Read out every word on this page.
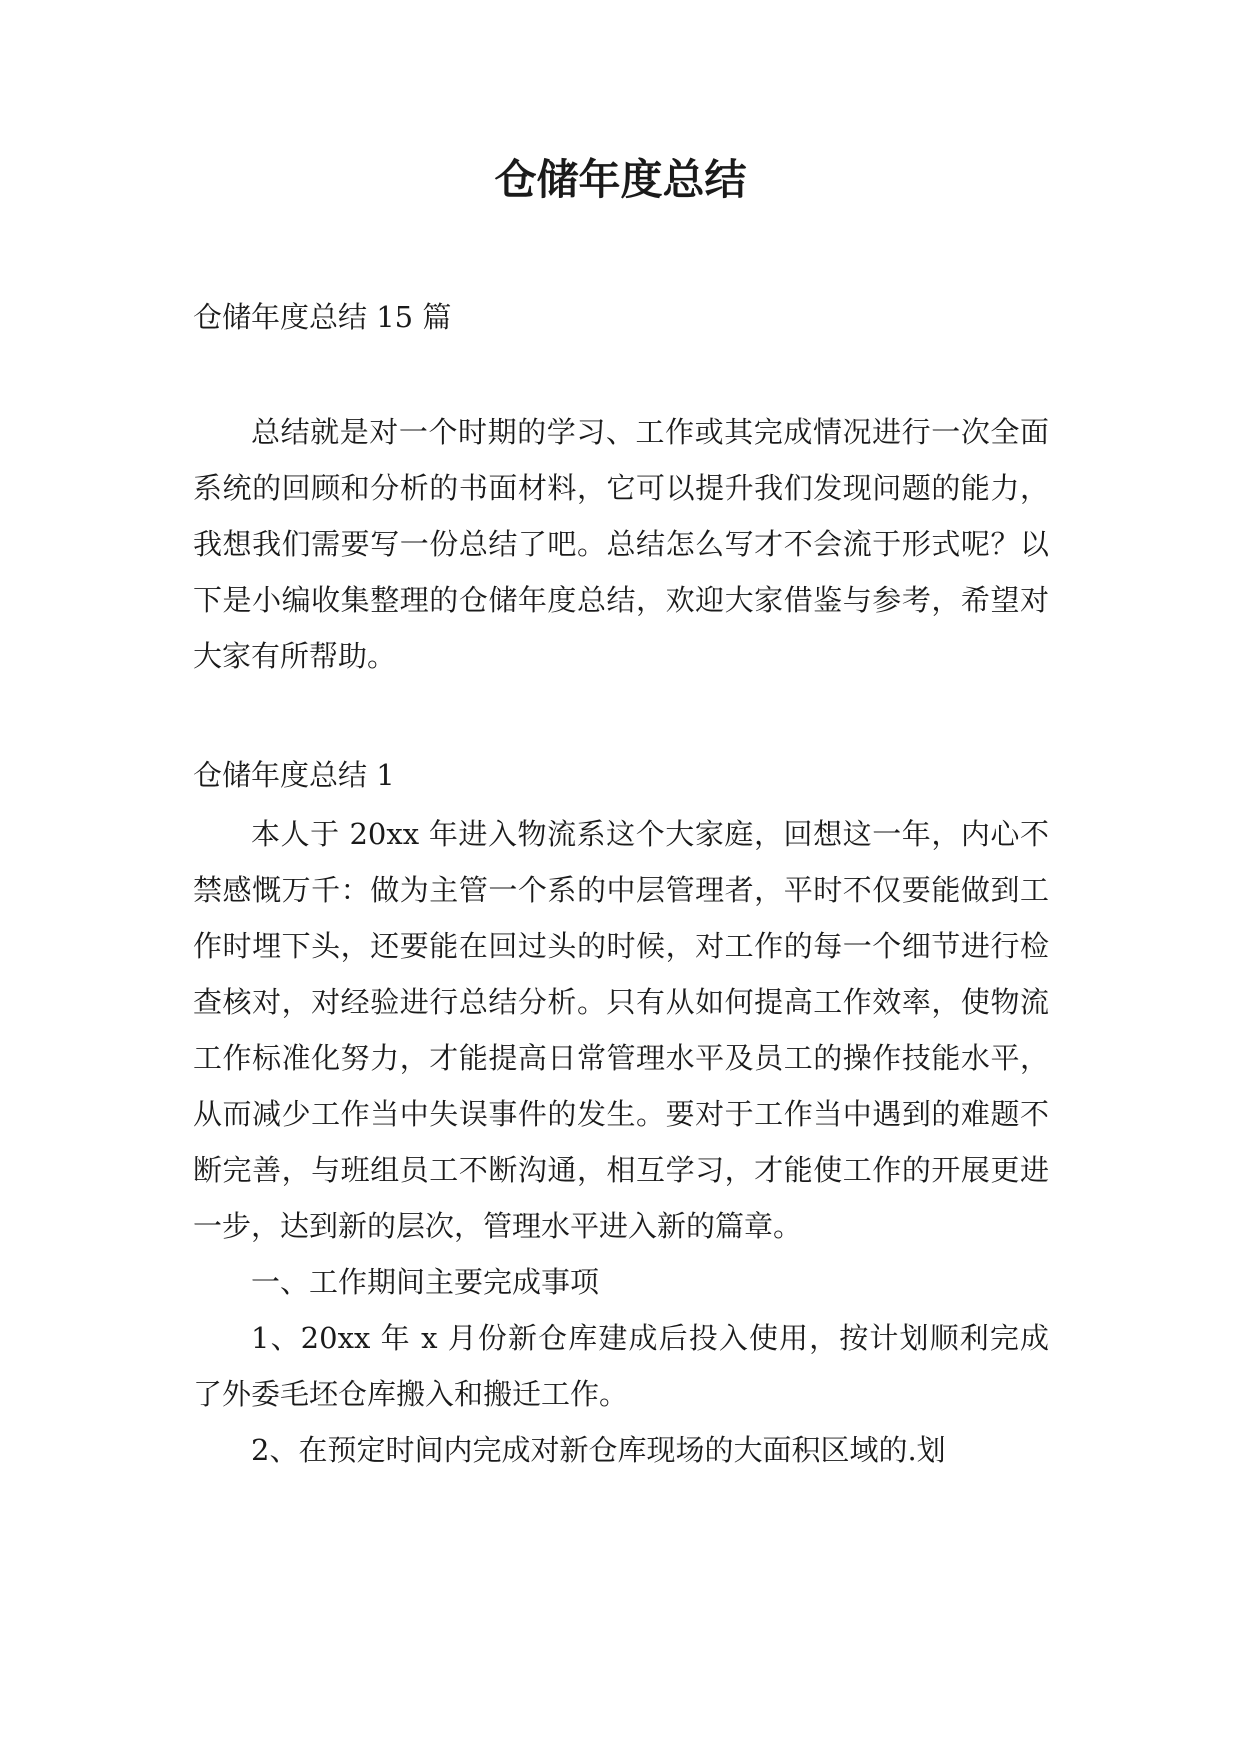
仓储年度总结
仓储年度总结 15 篇

总结就是对一个时期的学习、工作或其完成情况进行一次全面系统的回顾和分析的书面材料，它可以提升我们发现问题的能力，我想我们需要写一份总结了吧。总结怎么写才不会流于形式呢？以下是小编收集整理的仓储年度总结，欢迎大家借鉴与参考，希望对大家有所帮助。

仓储年度总结 1

本人于 20xx 年进入物流系这个大家庭，回想这一年，内心不禁感慨万千：做为主管一个系的中层管理者，平时不仅要能做到工作时埋下头，还要能在回过头的时候，对工作的每一个细节进行检查核对，对经验进行总结分析。只有从如何提高工作效率，使物流工作标准化努力，才能提高日常管理水平及员工的操作技能水平，从而减少工作当中失误事件的发生。要对于工作当中遇到的难题不断完善，与班组员工不断沟通，相互学习，才能使工作的开展更进一步，达到新的层次，管理水平进入新的篇章。

一、工作期间主要完成事项

1、20xx 年 x 月份新仓库建成后投入使用，按计划顺利完成了外委毛坯仓库搬入和搬迁工作。

2、在预定时间内完成对新仓库现场的大面积区域的.划
